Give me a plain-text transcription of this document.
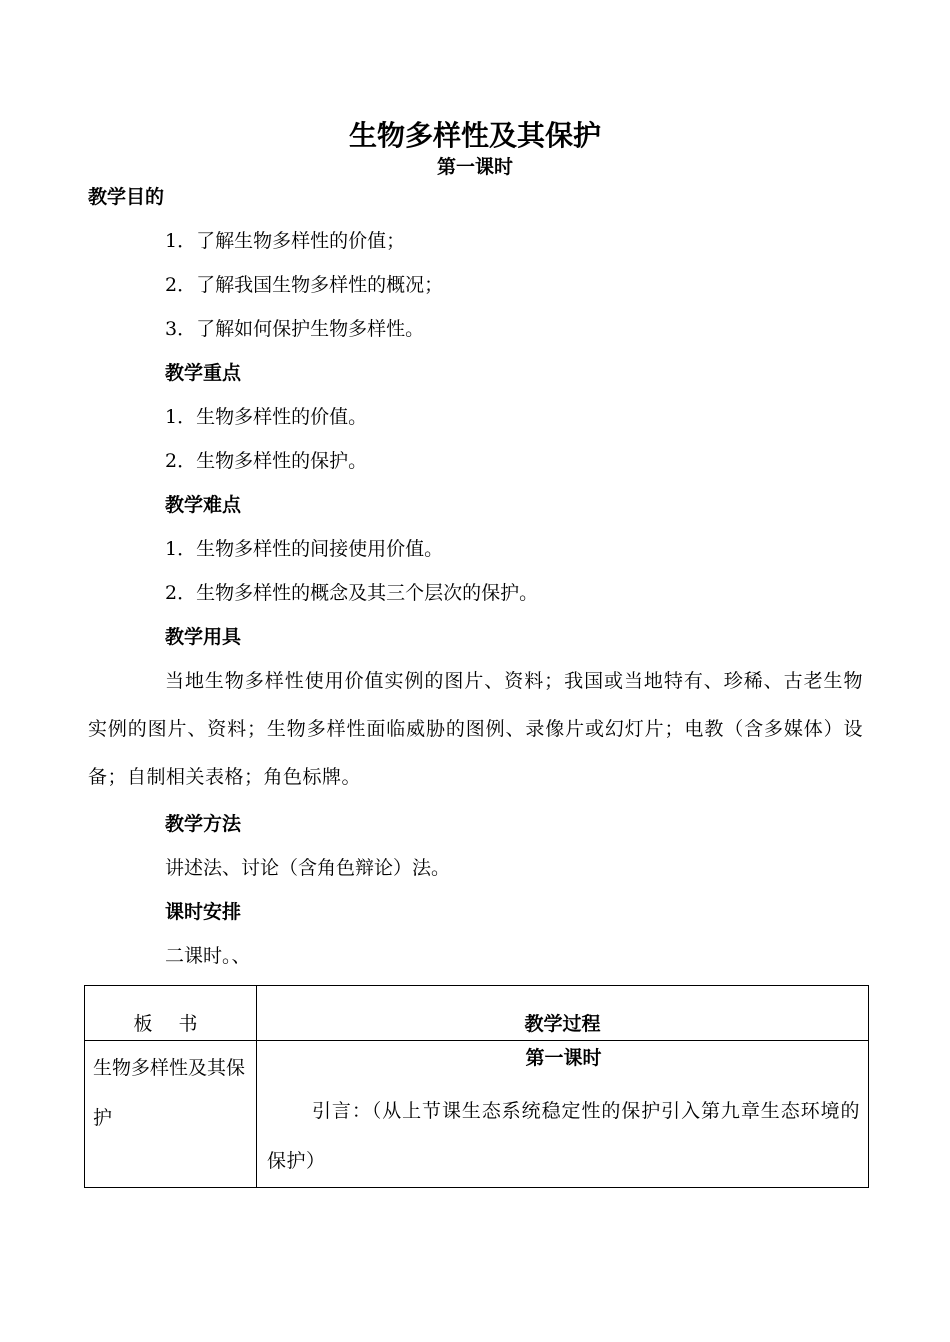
生物多样性及其保护
第一课时
教学目的
1．了解生物多样性的价值；
2．了解我国生物多样性的概况；
3．了解如何保护生物多样性。
教学重点
1．生物多样性的价值。
2．生物多样性的保护。
教学难点
1．生物多样性的间接使用价值。
2．生物多样性的概念及其三个层次的保护。
教学用具
当地生物多样性使用价值实例的图片、资料；我国或当地特有、珍稀、古老生物实例的图片、资料；生物多样性面临威胁的图例、录像片或幻灯片；电教（含多媒体）设备；自制相关表格；角色标牌。
教学方法
讲述法、讨论（含角色辩论）法。
课时安排
二课时。、
板 书	教学过程

生物多样性及其保护	第一课时
引言：（从上节课生态系统稳定性的保护引入第九章生态环境的保护）
